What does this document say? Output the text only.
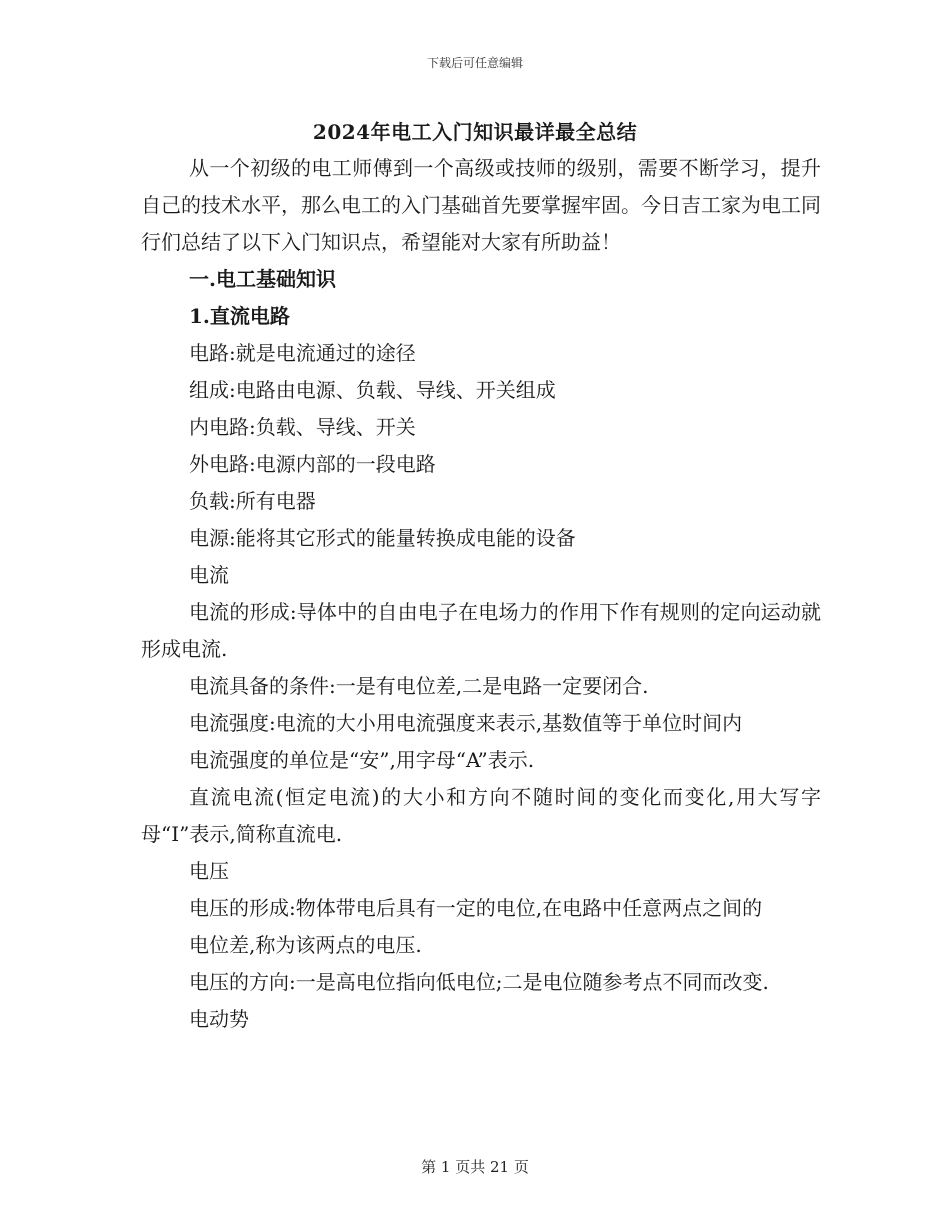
下载后可任意编辑
2024年电工入门知识最详最全总结

从一个初级的电工师傅到一个高级或技师的级别，需要不断学习，提升自己的技术水平，那么电工的入门基础首先要掌握牢固。今日吉工家为电工同行们总结了以下入门知识点，希望能对大家有所助益！

一.电工基础知识

1.直流电路

电路:就是电流通过的途径

组成:电路由电源、负载、导线、开关组成

内电路:负载、导线、开关

外电路:电源内部的一段电路

负载:所有电器

电源:能将其它形式的能量转换成电能的设备

电流

电流的形成:导体中的自由电子在电场力的作用下作有规则的定向运动就形成电流.

电流具备的条件:一是有电位差,二是电路一定要闭合.

电流强度:电流的大小用电流强度来表示,基数值等于单位时间内

电流强度的单位是“安”,用字母“A”表示.

直流电流(恒定电流)的大小和方向不随时间的变化而变化,用大写字母“I”表示,简称直流电.

电压

电压的形成:物体带电后具有一定的电位,在电路中任意两点之间的

电位差,称为该两点的电压.

电压的方向:一是高电位指向低电位;二是电位随参考点不同而改变.

电动势

第 1 页共 21 页
